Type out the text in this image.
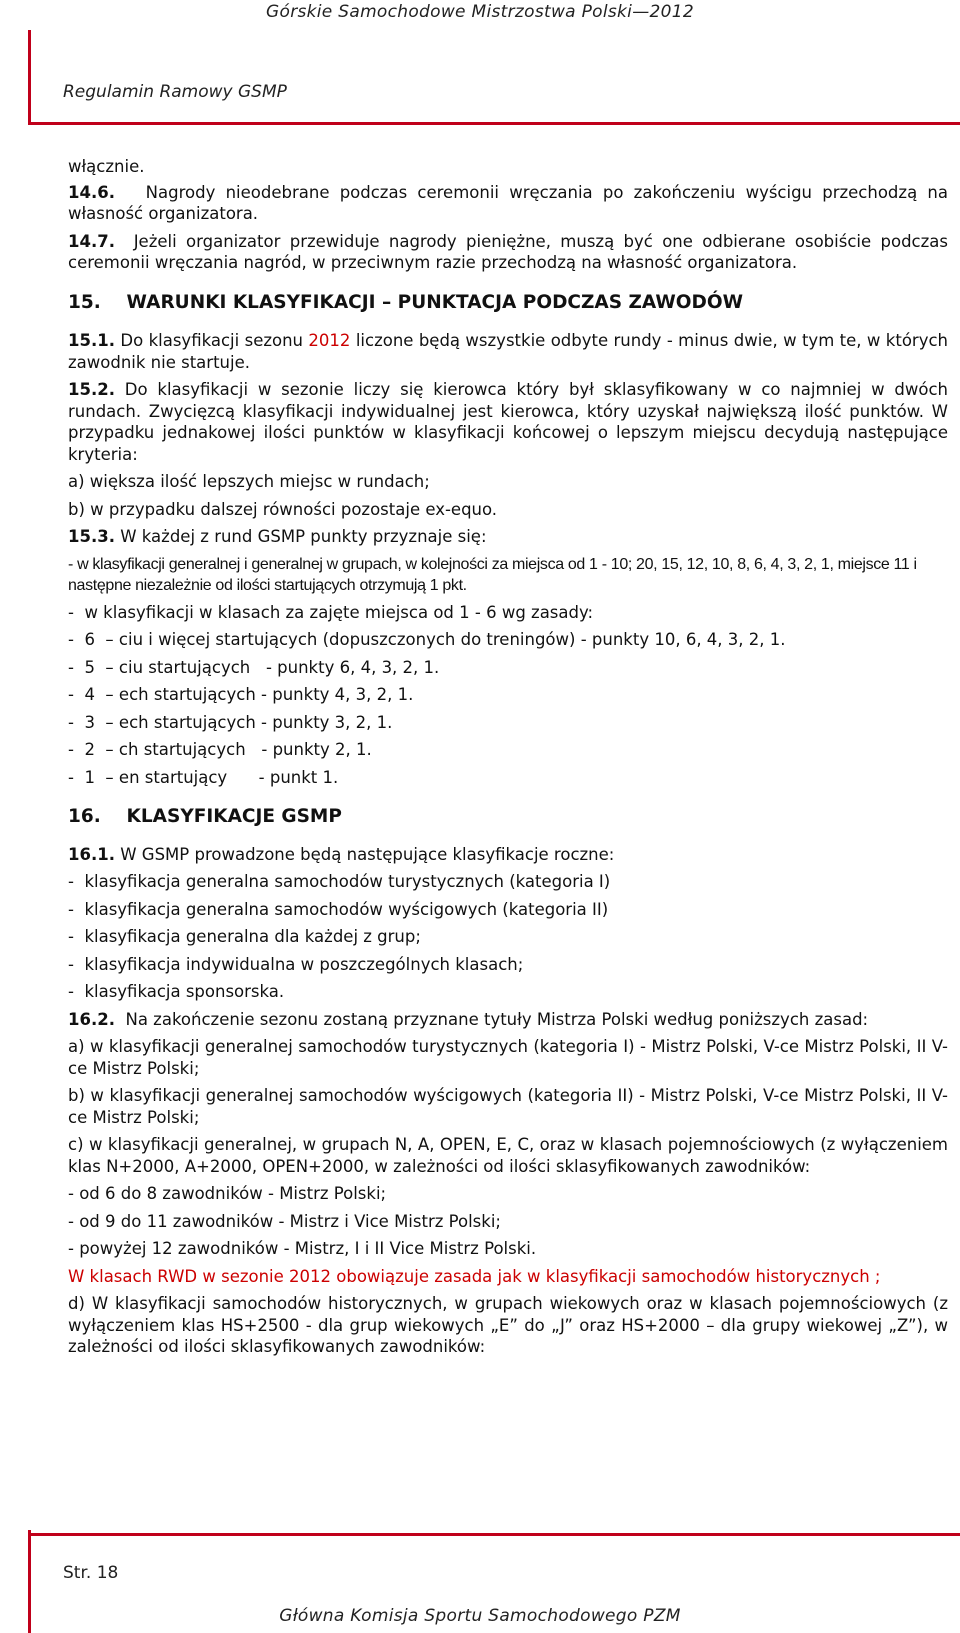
Górskie Samochodowe Mistrzostwa Polski—2012
Regulamin Ramowy GSMP

włącznie.

14.6. Nagrody nieodebrane podczas ceremonii wręczania po zakończeniu wyścigu przechodzą na własność organizatora.

14.7. Jeżeli organizator przewiduje nagrody pieniężne, muszą być one odbierane osobiście podczas ceremonii wręczania nagród, w przeciwnym razie przechodzą na własność organizatora.

15. WARUNKI KLASYFIKACJI – PUNKTACJA PODCZAS ZAWODÓW

15.1. Do klasyfikacji sezonu 2012 liczone będą wszystkie odbyte rundy - minus dwie, w tym te, w których zawodnik nie startuje.

15.2. Do klasyfikacji w sezonie liczy się kierowca który był sklasyfikowany w co najmniej w dwóch rundach. Zwycięzcą klasyfikacji indywidualnej jest kierowca, który uzyskał największą ilość punktów. W przypadku jednakowej ilości punktów w klasyfikacji końcowej o lepszym miejscu decydują następujące kryteria:

a) większa ilość lepszych miejsc w rundach;

b) w przypadku dalszej równości pozostaje ex-equo.

15.3. W każdej z rund GSMP punkty przyznaje się:

- w klasyfikacji generalnej i generalnej w grupach, w kolejności za miejsca od 1 - 10; 20, 15, 12, 10, 8, 6, 4, 3, 2, 1, miejsce 11 i następne niezależnie od ilości startujących otrzymują 1 pkt.

-  w klasyfikacji w klasach za zajęte miejsca od 1 - 6 wg zasady:

-  6  – ciu i więcej startujących (dopuszczonych do treningów) - punkty 10, 6, 4, 3, 2, 1.

-  5  – ciu startujących   - punkty 6, 4, 3, 2, 1.

-  4  – ech startujących - punkty 4, 3, 2, 1.

-  3  – ech startujących - punkty 3, 2, 1.

-  2  – ch startujących   - punkty 2, 1.

-  1  – en startujący      - punkt 1.

16. KLASYFIKACJE GSMP

16.1. W GSMP prowadzone będą następujące klasyfikacje roczne:

-  klasyfikacja generalna samochodów turystycznych (kategoria I)

-  klasyfikacja generalna samochodów wyścigowych (kategoria II)

-  klasyfikacja generalna dla każdej z grup;

-  klasyfikacja indywidualna w poszczególnych klasach;

-  klasyfikacja sponsorska.

16.2. Na zakończenie sezonu zostaną przyznane tytuły Mistrza Polski według poniższych zasad:

a) w klasyfikacji generalnej samochodów turystycznych (kategoria I) - Mistrz Polski, V-ce Mistrz Polski, II V-ce Mistrz Polski;

b) w klasyfikacji generalnej samochodów wyścigowych (kategoria II) - Mistrz Polski, V-ce Mistrz Polski, II V-ce Mistrz Polski;

c) w klasyfikacji generalnej, w grupach N, A, OPEN, E, C, oraz w klasach pojemnościowych (z wyłączeniem klas N+2000, A+2000, OPEN+2000, w zależności od ilości sklasyfikowanych zawodników:

- od 6 do 8 zawodników - Mistrz Polski;

- od 9 do 11 zawodników - Mistrz i Vice Mistrz Polski;

- powyżej 12 zawodników - Mistrz, I i II Vice Mistrz Polski.

W klasach RWD w sezonie 2012 obowiązuje zasada jak w klasyfikacji samochodów historycznych ;

d) W klasyfikacji samochodów historycznych, w grupach wiekowych oraz w klasach pojemnościowych (z wyłączeniem klas HS+2500 - dla grup wiekowych „E” do „J” oraz HS+2000 – dla grupy wiekowej „Z”), w zależności od ilości sklasyfikowanych zawodników:

Str. 18
Główna Komisja Sportu Samochodowego PZM
